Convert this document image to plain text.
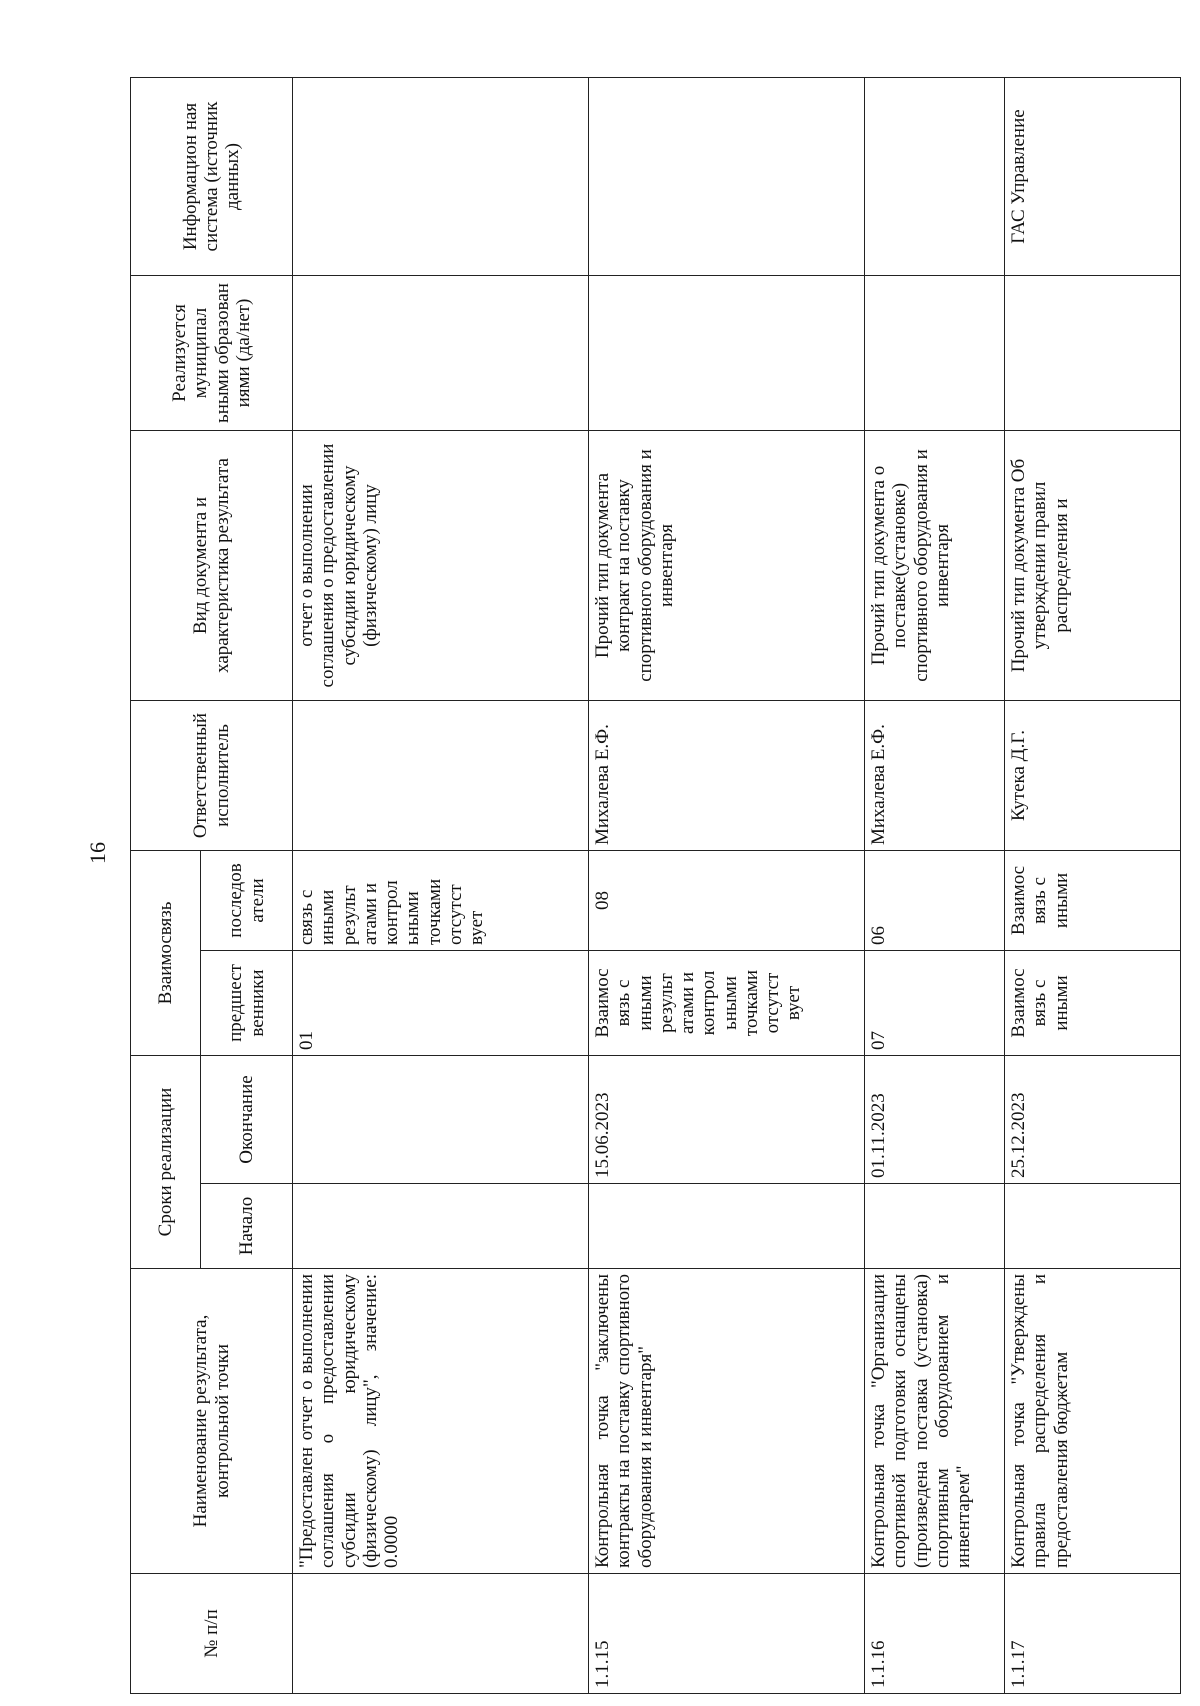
16
№ п/п	Наименование результата, контрольной точки	Сроки реализации		Взаимосвязь		Ответственный исполнитель	Вид документа и характеристика результата	Реализуется муниципал ьными образован иями (да/нет)	Информацион ная система (источник данных)
		Начало	Окончание	предшест венники	последов атели				
	"Предоставлен отчет о выполнении соглашения о предоставлении субсидии юридическому (физическому) лицу", значение: 0.0000			01	связь с иными результ атами и контрол ьными точками отсутст вует		отчет о выполнении соглашения о предоставлении субсидии юридическому (физическому) лицу		
1.1.15	Контрольная точка "заключены контракты на поставку спортивного оборудования и инвентаря"		15.06.2023	Взаимос вязь с иными результ атами и контрол ьными точками отсутст вует	08	Михалева Е.Ф.	Прочий тип документа контракт на поставку спортивного оборудования и инвентаря		
1.1.16	Контрольная точка "Организации спортивной подготовки оснащены (произведена поставка (установка) спортивным оборудованием и инвентарем"		01.11.2023	07	06	Михалева Е.Ф.	Прочий тип документа о поставке(установке) спортивного оборудования и инвентаря		
1.1.17	Контрольная точка "Утверждены правила распределения и предоставления бюджетам		25.12.2023	Взаимос вязь с иными	Взаимос вязь с иными	Кутека Д.Г.	Прочий тип документа Об утверждении правил распределения и		ГАС Управление
